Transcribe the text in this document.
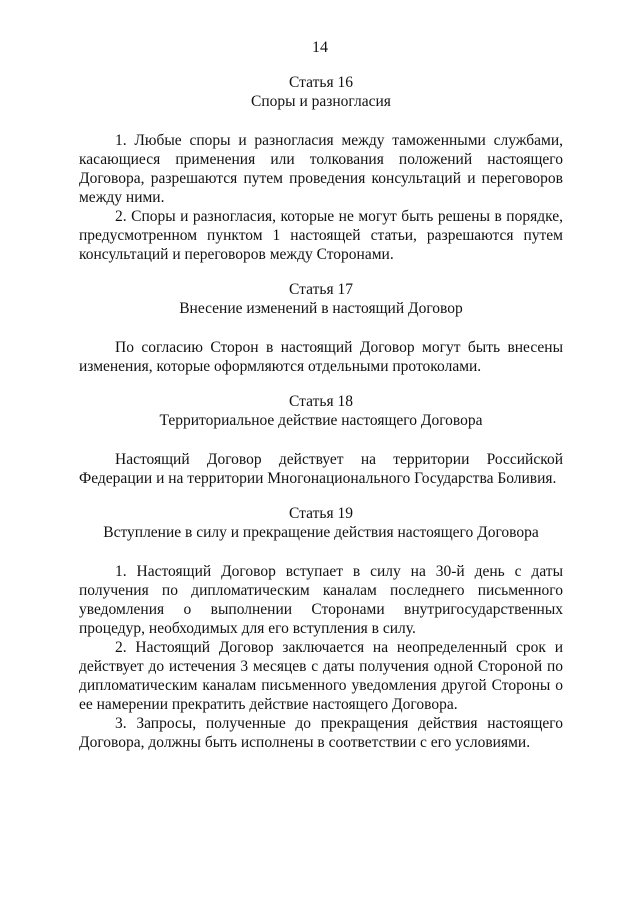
14

Статья 16

Споры и разногласия

1. Любые споры и разногласия между таможенными службами, касающиеся применения или толкования положений настоящего Договора, разрешаются путем проведения консультаций и переговоров между ними.

2. Споры и разногласия, которые не могут быть решены в порядке, предусмотренном пунктом 1 настоящей статьи, разрешаются путем консультаций и переговоров между Сторонами.

Статья 17

Внесение изменений в настоящий Договор

По согласию Сторон в настоящий Договор могут быть внесены изменения, которые оформляются отдельными протоколами.

Статья 18

Территориальное действие настоящего Договора

Настоящий Договор действует на территории Российской Федерации и на территории Многонационального Государства Боливия.

Статья 19

Вступление в силу и прекращение действия настоящего Договора

1. Настоящий Договор вступает в силу на 30-й день с даты получения по дипломатическим каналам последнего письменного уведомления о выполнении Сторонами внутригосударственных процедур, необходимых для его вступления в силу.

2. Настоящий Договор заключается на неопределенный срок и действует до истечения 3 месяцев с даты получения одной Стороной по дипломатическим каналам письменного уведомления другой Стороны о ее намерении прекратить действие настоящего Договора.

3. Запросы, полученные до прекращения действия настоящего Договора, должны быть исполнены в соответствии с его условиями.
